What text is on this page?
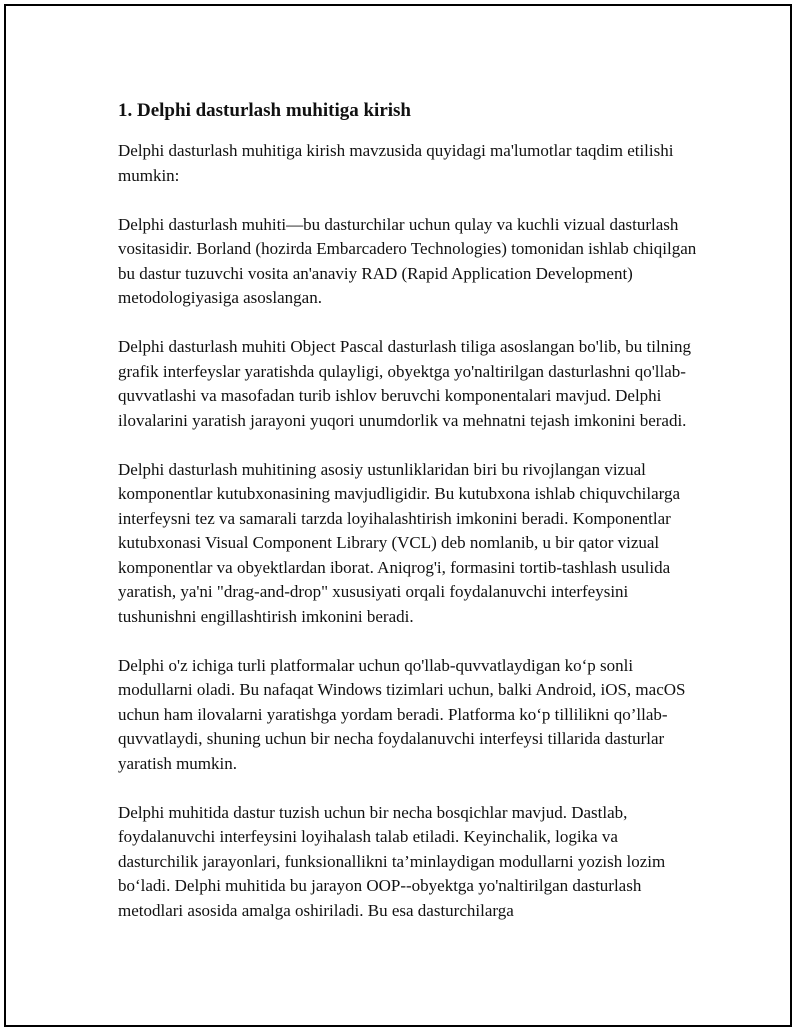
1. Delphi dasturlash muhitiga kirish

Delphi dasturlash muhitiga kirish mavzusida quyidagi ma'lumotlar taqdim etilishi mumkin:

Delphi dasturlash muhiti—bu dasturchilar uchun qulay va kuchli vizual dasturlash vositasidir. Borland (hozirda Embarcadero Technologies) tomonidan ishlab chiqilgan bu dastur tuzuvchi vosita an'anaviy RAD (Rapid Application Development) metodologiyasiga asoslangan.

Delphi dasturlash muhiti Object Pascal dasturlash tiliga asoslangan bo'lib, bu tilning grafik interfeyslar yaratishda qulayligi, obyektga yo'naltirilgan dasturlashni qo'llab-quvvatlashi va masofadan turib ishlov beruvchi komponentalari mavjud. Delphi ilovalarini yaratish jarayoni yuqori unumdorlik va mehnatni tejash imkonini beradi.

Delphi dasturlash muhitining asosiy ustunliklaridan biri bu rivojlangan vizual komponentlar kutubxonasining mavjudligidir. Bu kutubxona ishlab chiquvchilarga interfeysni tez va samarali tarzda loyihalashtirish imkonini beradi. Komponentlar kutubxonasi Visual Component Library (VCL) deb nomlanib, u bir qator vizual komponentlar va obyektlardan iborat. Aniqrog'i, formasini tortib-tashlash usulida yaratish, ya'ni "drag-and-drop" xususiyati orqali foydalanuvchi interfeysini tushunishni engillashtirish imkonini beradi.

Delphi o'z ichiga turli platformalar uchun qo'llab-quvvatlaydigan ko‘p sonli modullarni oladi. Bu nafaqat Windows tizimlari uchun, balki Android, iOS, macOS uchun ham ilovalarni yaratishga yordam beradi. Platforma ko‘p tillilikni qo’llab-quvvatlaydi, shuning uchun bir necha foydalanuvchi interfeysi tillarida dasturlar yaratish mumkin.

Delphi muhitida dastur tuzish uchun bir necha bosqichlar mavjud. Dastlab, foydalanuvchi interfeysini loyihalash talab etiladi. Keyinchalik, logika va dasturchilik jarayonlari, funksionallikni ta’minlaydigan modullarni yozish lozim bo‘ladi. Delphi muhitida bu jarayon OOP--obyektga yo'naltirilgan dasturlash metodlari asosida amalga oshiriladi. Bu esa dasturchilarga
